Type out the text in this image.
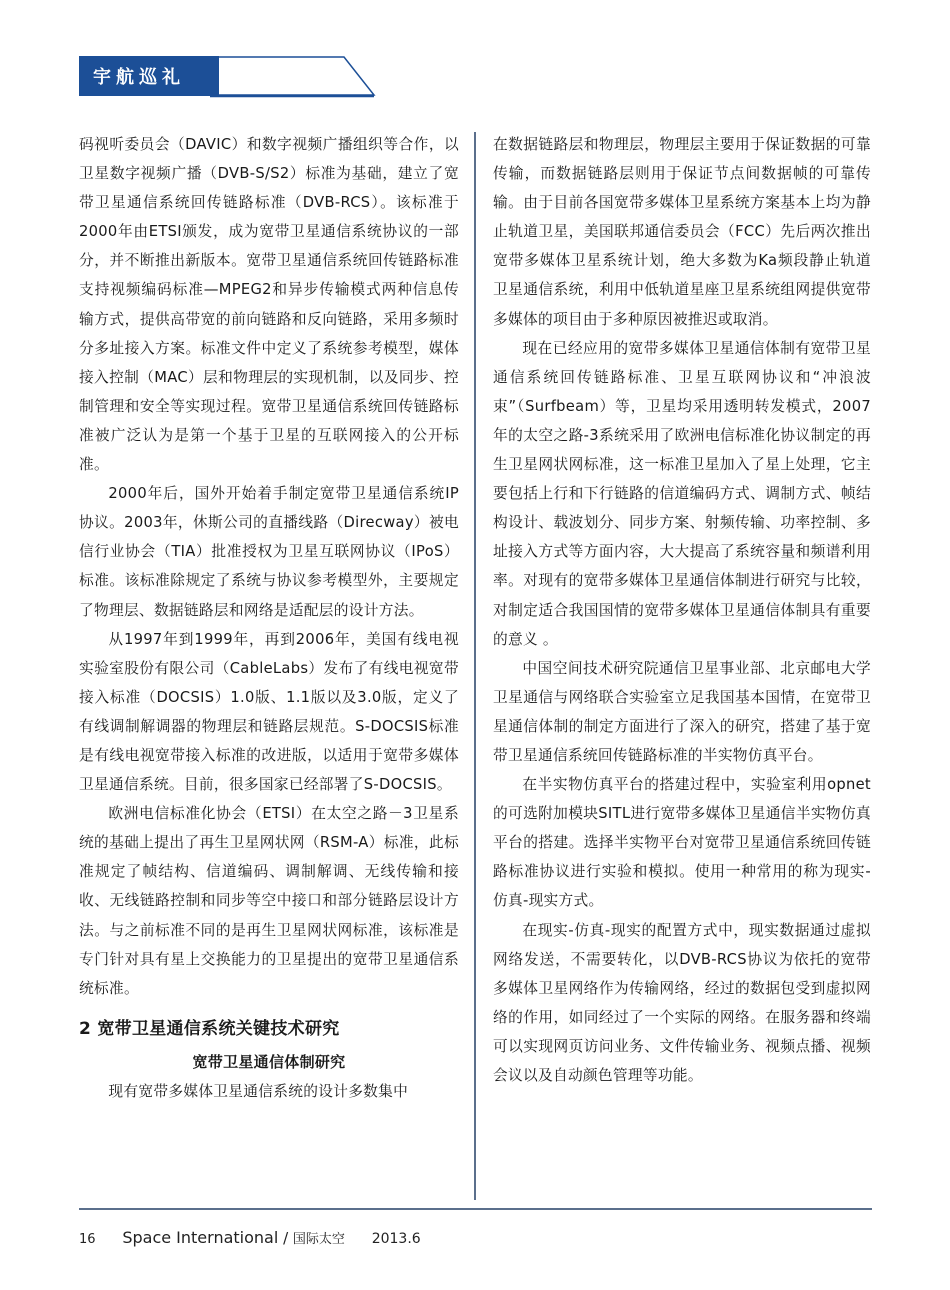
宇航巡礼

码视听委员会（DAVIC）和数字视频广播组织等合作，以卫星数字视频广播（DVB-S/S2）标准为基础，建立了宽带卫星通信系统回传链路标准（DVB-RCS）。该标准于2000年由ETSI颁发，成为宽带卫星通信系统协议的一部分，并不断推出新版本。宽带卫星通信系统回传链路标准支持视频编码标准—MPEG2和异步传输模式两种信息传输方式，提供高带宽的前向链路和反向链路，采用多频时分多址接入方案。标准文件中定义了系统参考模型，媒体接入控制（MAC）层和物理层的实现机制，以及同步、控制管理和安全等实现过程。宽带卫星通信系统回传链路标准被广泛认为是第一个基于卫星的互联网接入的公开标准。

2000年后，国外开始着手制定宽带卫星通信系统IP协议。2003年，休斯公司的直播线路（Direcway）被电信行业协会（TIA）批准授权为卫星互联网协议（IPoS）标准。该标准除规定了系统与协议参考模型外，主要规定了物理层、数据链路层和网络是适配层的设计方法。

从1997年到1999年，再到2006年，美国有线电视实验室股份有限公司（CableLabs）发布了有线电视宽带接入标准（DOCSIS）1.0版、1.1版以及3.0版，定义了有线调制解调器的物理层和链路层规范。S-DOCSIS标准是有线电视宽带接入标准的改进版，以适用于宽带多媒体卫星通信系统。目前，很多国家已经部署了S-DOCSIS。

欧洲电信标准化协会（ETSI）在太空之路－3卫星系统的基础上提出了再生卫星网状网（RSM-A）标准，此标准规定了帧结构、信道编码、调制解调、无线传输和接收、无线链路控制和同步等空中接口和部分链路层设计方法。与之前标准不同的是再生卫星网状网标准，该标准是专门针对具有星上交换能力的卫星提出的宽带卫星通信系统标准。

2 宽带卫星通信系统关键技术研究
宽带卫星通信体制研究

现有宽带多媒体卫星通信系统的设计多数集中

在数据链路层和物理层，物理层主要用于保证数据的可靠传输，而数据链路层则用于保证节点间数据帧的可靠传输。由于目前各国宽带多媒体卫星系统方案基本上均为静止轨道卫星，美国联邦通信委员会（FCC）先后两次推出宽带多媒体卫星系统计划，绝大多数为Ka频段静止轨道卫星通信系统，利用中低轨道星座卫星系统组网提供宽带多媒体的项目由于多种原因被推迟或取消。

现在已经应用的宽带多媒体卫星通信体制有宽带卫星通信系统回传链路标准、卫星互联网协议和“冲浪波束”（Surfbeam）等，卫星均采用透明转发模式，2007年的太空之路-3系统采用了欧洲电信标准化协议制定的再生卫星网状网标准，这一标准卫星加入了星上处理，它主要包括上行和下行链路的信道编码方式、调制方式、帧结构设计、载波划分、同步方案、射频传输、功率控制、多址接入方式等方面内容，大大提高了系统容量和频谱利用率。对现有的宽带多媒体卫星通信体制进行研究与比较，对制定适合我国国情的宽带多媒体卫星通信体制具有重要的意义 。

中国空间技术研究院通信卫星事业部、北京邮电大学卫星通信与网络联合实验室立足我国基本国情，在宽带卫星通信体制的制定方面进行了深入的研究，搭建了基于宽带卫星通信系统回传链路标准的半实物仿真平台。

在半实物仿真平台的搭建过程中，实验室利用opnet的可选附加模块SITL进行宽带多媒体卫星通信半实物仿真平台的搭建。选择半实物平台对宽带卫星通信系统回传链路标准协议进行实验和模拟。使用一种常用的称为现实-仿真-现实方式。

在现实-仿真-现实的配置方式中，现实数据通过虚拟网络发送，不需要转化，以DVB-RCS协议为依托的宽带多媒体卫星网络作为传输网络，经过的数据包受到虚拟网络的作用，如同经过了一个实际的网络。在服务器和终端可以实现网页访问业务、文件传输业务、视频点播、视频会议以及自动颜色管理等功能。

16 Space International / 国际太空 2013.6
